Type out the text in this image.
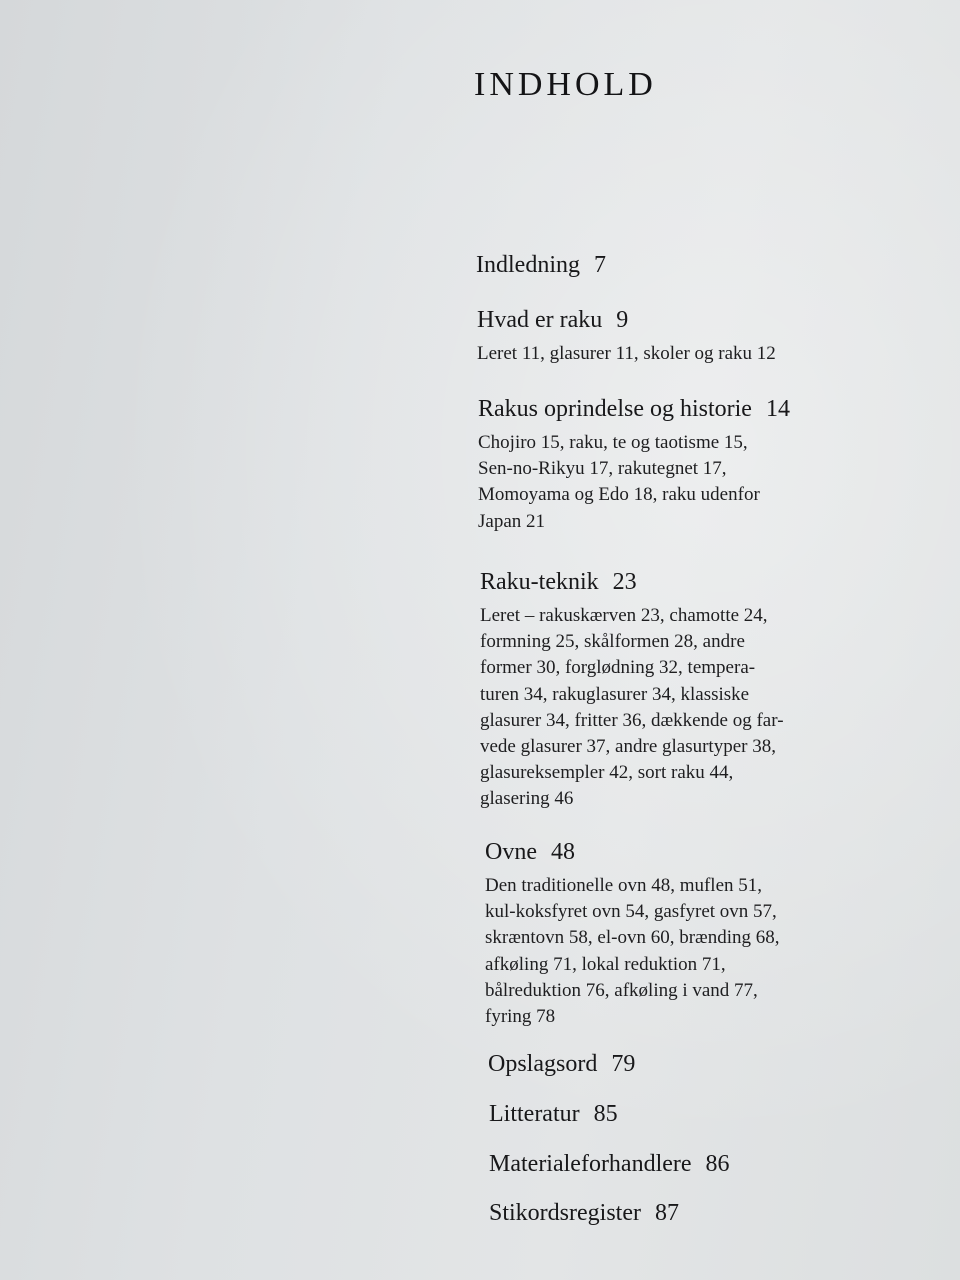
INDHOLD

Indledning 7

Hvad er raku 9

Leret 11, glasurer 11, skoler og raku 12

Rakus oprindelse og historie 14

Chojiro 15, raku, te og taotisme 15,
Sen-no-Rikyu 17, rakutegnet 17,
Momoyama og Edo 18, raku udenfor
Japan 21

Raku-teknik 23

Leret – rakuskærven 23, chamotte 24,
formning 25, skålformen 28, andre
former 30, forglødning 32, tempera-
turen 34, rakuglasurer 34, klassiske
glasurer 34, fritter 36, dækkende og far-
vede glasurer 37, andre glasurtyper 38,
glasureksempler 42, sort raku 44,
glasering 46

Ovne 48

Den traditionelle ovn 48, muflen 51,
kul-koksfyret ovn 54, gasfyret ovn 57,
skræntovn 58, el-ovn 60, brænding 68,
afkøling 71, lokal reduktion 71,
bålreduktion 76, afkøling i vand 77,
fyring 78

Opslagsord 79

Litteratur 85

Materialeforhandlere 86

Stikordsregister 87
